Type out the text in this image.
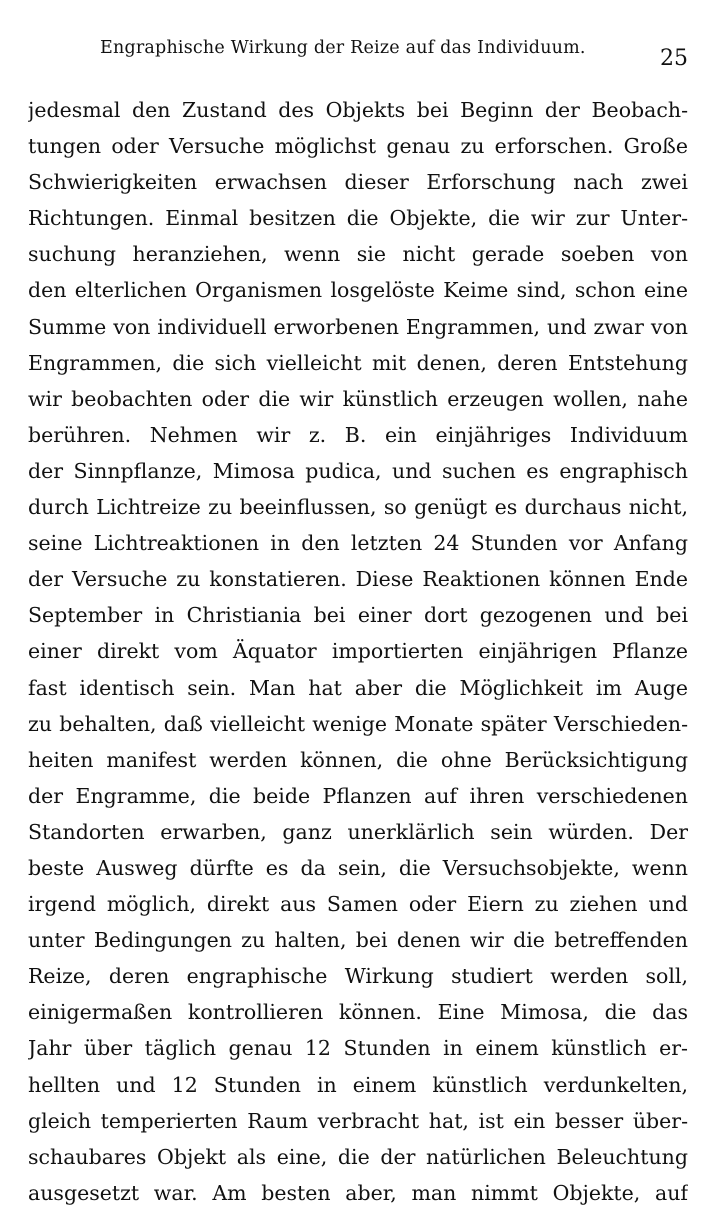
Engraphische Wirkung der Reize auf das Individuum.	25
jedesmal den Zustand des Objekts bei Beginn der Beobach-
tungen oder Versuche möglichst genau zu erforschen. Große
Schwierigkeiten erwachsen dieser Erforschung nach zwei
Richtungen. Einmal besitzen die Objekte, die wir zur Unter-
suchung heranziehen, wenn sie nicht gerade soeben von
den elterlichen Organismen losgelöste Keime sind, schon eine
Summe von individuell erworbenen Engrammen, und zwar von
Engrammen, die sich vielleicht mit denen, deren Entstehung
wir beobachten oder die wir künstlich erzeugen wollen, nahe
berühren. Nehmen wir z. B. ein einjähriges Individuum
der Sinnpflanze, Mimosa pudica, und suchen es engraphisch
durch Lichtreize zu beeinflussen, so genügt es durchaus nicht,
seine Lichtreaktionen in den letzten 24 Stunden vor Anfang
der Versuche zu konstatieren. Diese Reaktionen können Ende
September in Christiania bei einer dort gezogenen und bei
einer direkt vom Äquator importierten einjährigen Pflanze
fast identisch sein. Man hat aber die Möglichkeit im Auge
zu behalten, daß vielleicht wenige Monate später Verschieden-
heiten manifest werden können, die ohne Berücksichtigung
der Engramme, die beide Pflanzen auf ihren verschiedenen
Standorten erwarben, ganz unerklärlich sein würden. Der
beste Ausweg dürfte es da sein, die Versuchsobjekte, wenn
irgend möglich, direkt aus Samen oder Eiern zu ziehen und
unter Bedingungen zu halten, bei denen wir die betreffenden
Reize, deren engraphische Wirkung studiert werden soll,
einigermaßen kontrollieren können. Eine Mimosa, die das
Jahr über täglich genau 12 Stunden in einem künstlich er-
hellten und 12 Stunden in einem künstlich verdunkelten,
gleich temperierten Raum verbracht hat, ist ein besser über-
schaubares Objekt als eine, die der natürlichen Beleuchtung
ausgesetzt war. Am besten aber, man nimmt Objekte, auf
